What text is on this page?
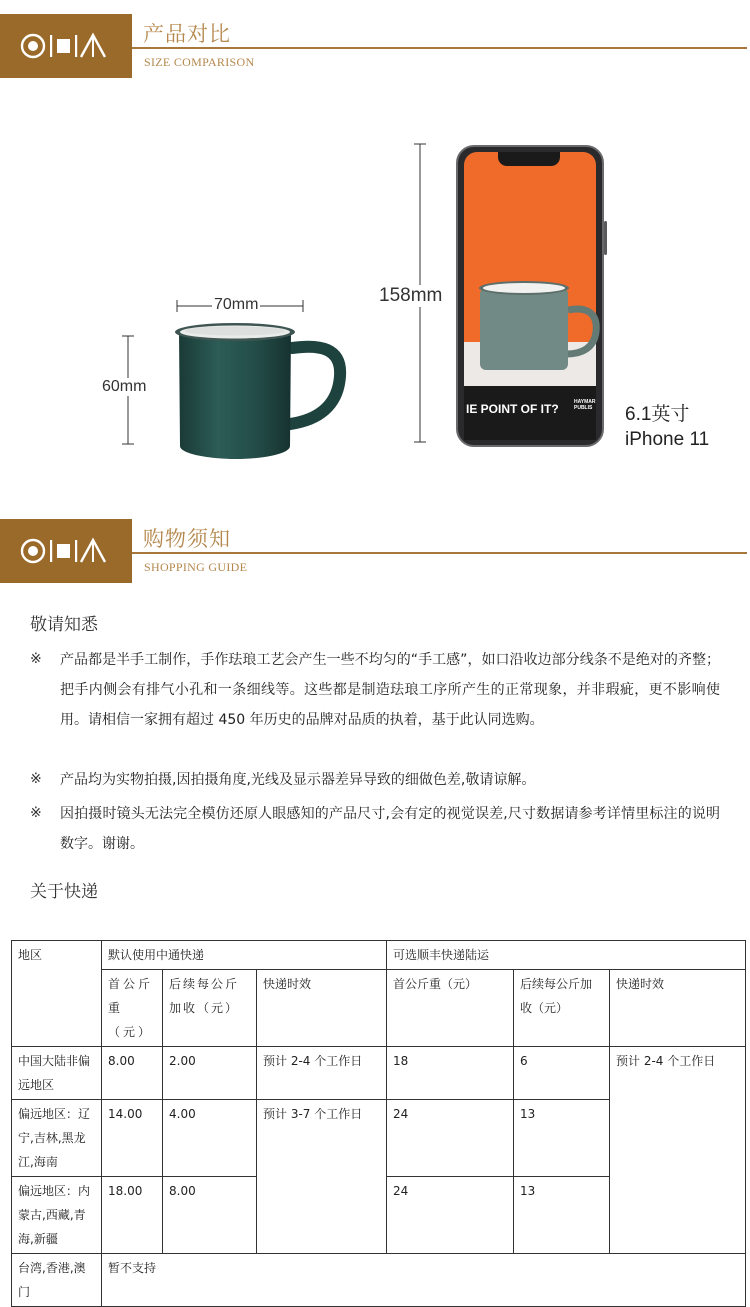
产品对比
SIZE COMPARISON
70mm
60mm
158mm
IE POINT OF IT?	HAYMAR PUBLIS 6.1英寸
iPhone 11
购物须知
SHOPPING GUIDE
敬请知悉
※ 产品都是半手工制作，手作珐琅工艺会产生一些不均匀的“手工感”，如口沿收边部分线条不是绝对的齐整；把手内侧会有排气小孔和一条细线等。这些都是制造珐琅工序所产生的正常现象，并非瑕疵，更不影响使用。请相信一家拥有超过 450 年历史的品牌对品质的执着，基于此认同选购。
※ 产品均为实物拍摄,因拍摄角度,光线及显示器差异导致的细做色差,敬请谅解。
※ 因拍摄时镜头无法完全模仿还原人眼感知的产品尺寸,会有定的视觉误差,尺寸数据请参考详情里标注的说明数字。谢谢。
关于快递
地区	默认使用中通快递			可选顺丰快递陆运		
	首公斤重（元）	后续每公斤加收（元）	快递时效	首公斤重（元）	后续每公斤加收（元）	快递时效
中国大陆非偏远地区	8.00	2.00	预计 2-4 个工作日	18	6	预计 2-4 个工作日
偏远地区：辽宁,吉林,黑龙江,海南	14.00	4.00	预计 3-7 个工作日	24	13	
偏远地区：内蒙古,西藏,青海,新疆	18.00	8.00		24	13	
台湾,香港,澳门	暂不支持					
